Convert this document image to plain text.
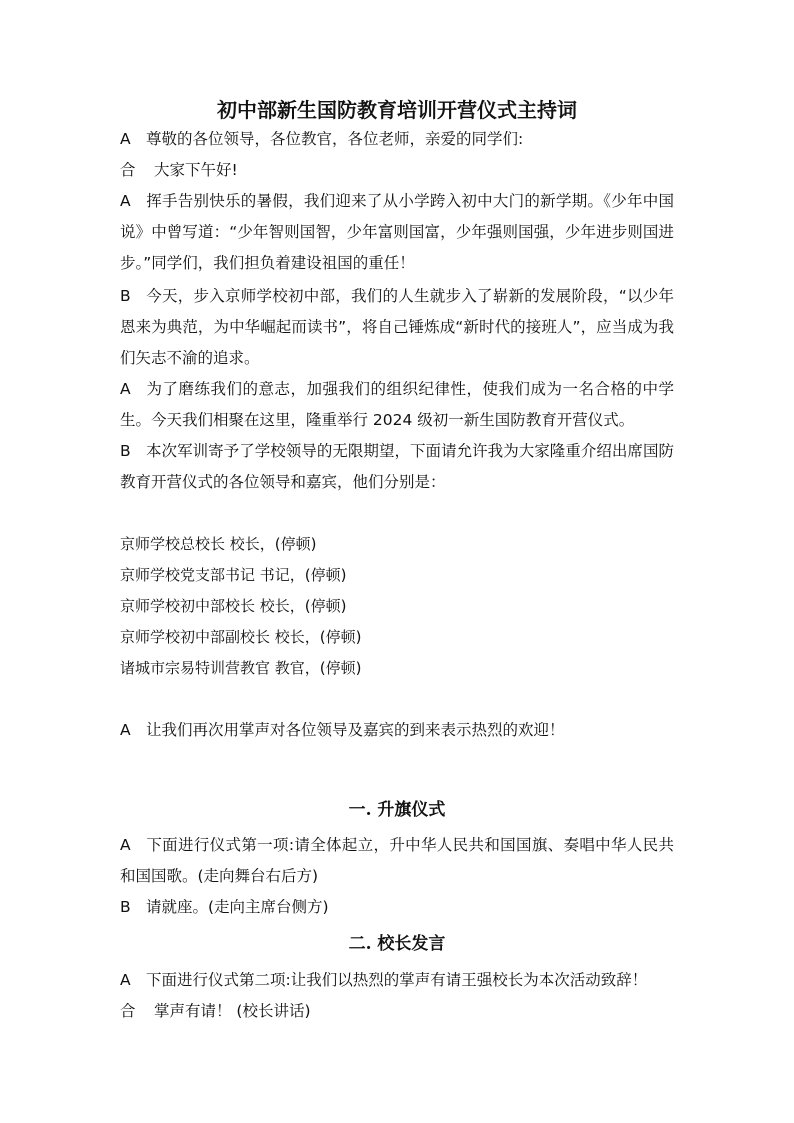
初中部新生国防教育培训开营仪式主持词
A 尊敬的各位领导，各位教官，各位老师，亲爱的同学们:
合 大家下午好!
A 挥手告别快乐的暑假，我们迎来了从小学跨入初中大门的新学期。《少年中国说》中曾写道：“少年智则国智，少年富则国富，少年强则国强，少年进步则国进步。”同学们，我们担负着建设祖国的重任！
B 今天，步入京师学校初中部，我们的人生就步入了崭新的发展阶段，“以少年恩来为典范，为中华崛起而读书”，将自己锤炼成“新时代的接班人”，应当成为我们矢志不渝的追求。
A 为了磨练我们的意志，加强我们的组织纪律性，使我们成为一名合格的中学生。今天我们相聚在这里，隆重举行 2024 级初一新生国防教育开营仪式。
B 本次军训寄予了学校领导的无限期望，下面请允许我为大家隆重介绍出席国防教育开营仪式的各位领导和嘉宾，他们分别是：
京师学校总校长 校长，(停顿)
京师学校党支部书记 书记，(停顿)
京师学校初中部校长 校长，(停顿)
京师学校初中部副校长 校长，(停顿)
诸城市宗易特训营教官 教官，(停顿)
A 让我们再次用掌声对各位领导及嘉宾的到来表示热烈的欢迎！
一. 升旗仪式
A 下面进行仪式第一项:请全体起立，升中华人民共和国国旗、奏唱中华人民共和国国歌。(走向舞台右后方)
B 请就座。(走向主席台侧方)
二. 校长发言
A 下面进行仪式第二项:让我们以热烈的掌声有请王强校长为本次活动致辞！
合 掌声有请！ (校长讲话)
